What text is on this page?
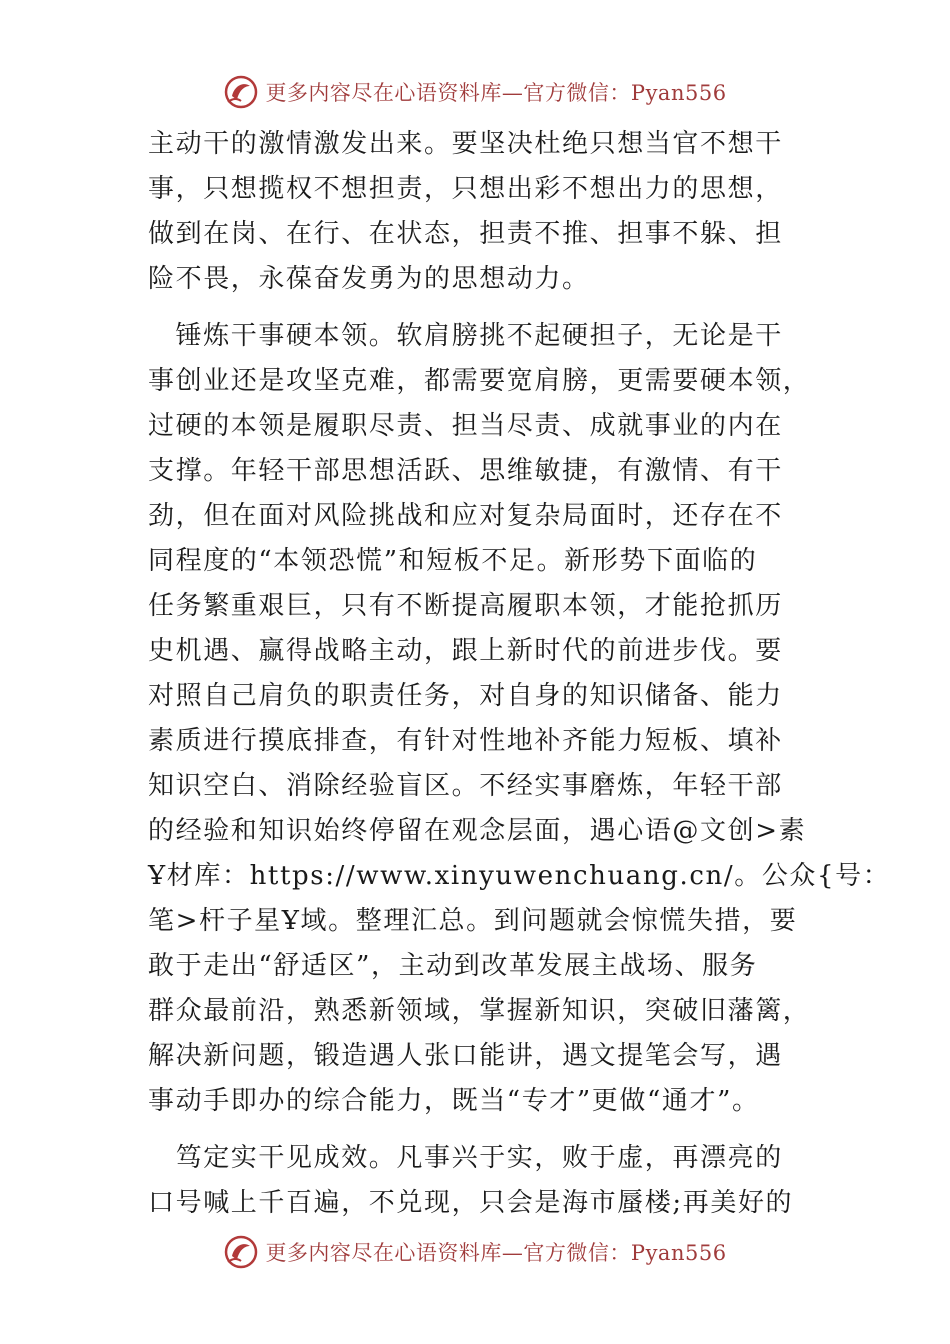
更多内容尽在心语资料库—官方微信：Pyan556
主动干的激情激发出来。要坚决杜绝只想当官不想干
事，只想揽权不想担责，只想出彩不想出力的思想，
做到在岗、在行、在状态，担责不推、担事不躲、担
险不畏，永葆奋发勇为的思想动力。
　锤炼干事硬本领。软肩膀挑不起硬担子，无论是干
事创业还是攻坚克难，都需要宽肩膀，更需要硬本领，
过硬的本领是履职尽责、担当尽责、成就事业的内在
支撑。年轻干部思想活跃、思维敏捷，有激情、有干
劲，但在面对风险挑战和应对复杂局面时，还存在不
同程度的“本领恐慌”和短板不足。新形势下面临的
任务繁重艰巨，只有不断提高履职本领，才能抢抓历
史机遇、赢得战略主动，跟上新时代的前进步伐。要
对照自己肩负的职责任务，对自身的知识储备、能力
素质进行摸底排查，有针对性地补齐能力短板、填补
知识空白、消除经验盲区。不经实事磨炼，年轻干部
的经验和知识始终停留在观念层面，遇心语@文创>素
Ұ材库：https://www.xinyuwenchuang.cn/。公众{号：
笔>杆子星Ұ域。整理汇总。到问题就会惊慌失措，要
敢于走出“舒适区”，主动到改革发展主战场、服务
群众最前沿，熟悉新领域，掌握新知识，突破旧藩篱，
解决新问题，锻造遇人张口能讲，遇文提笔会写，遇
事动手即办的综合能力，既当“专才”更做“通才”。
　笃定实干见成效。凡事兴于实，败于虚，再漂亮的
口号喊上千百遍，不兑现，只会是海市蜃楼;再美好的
更多内容尽在心语资料库—官方微信：Pyan556
